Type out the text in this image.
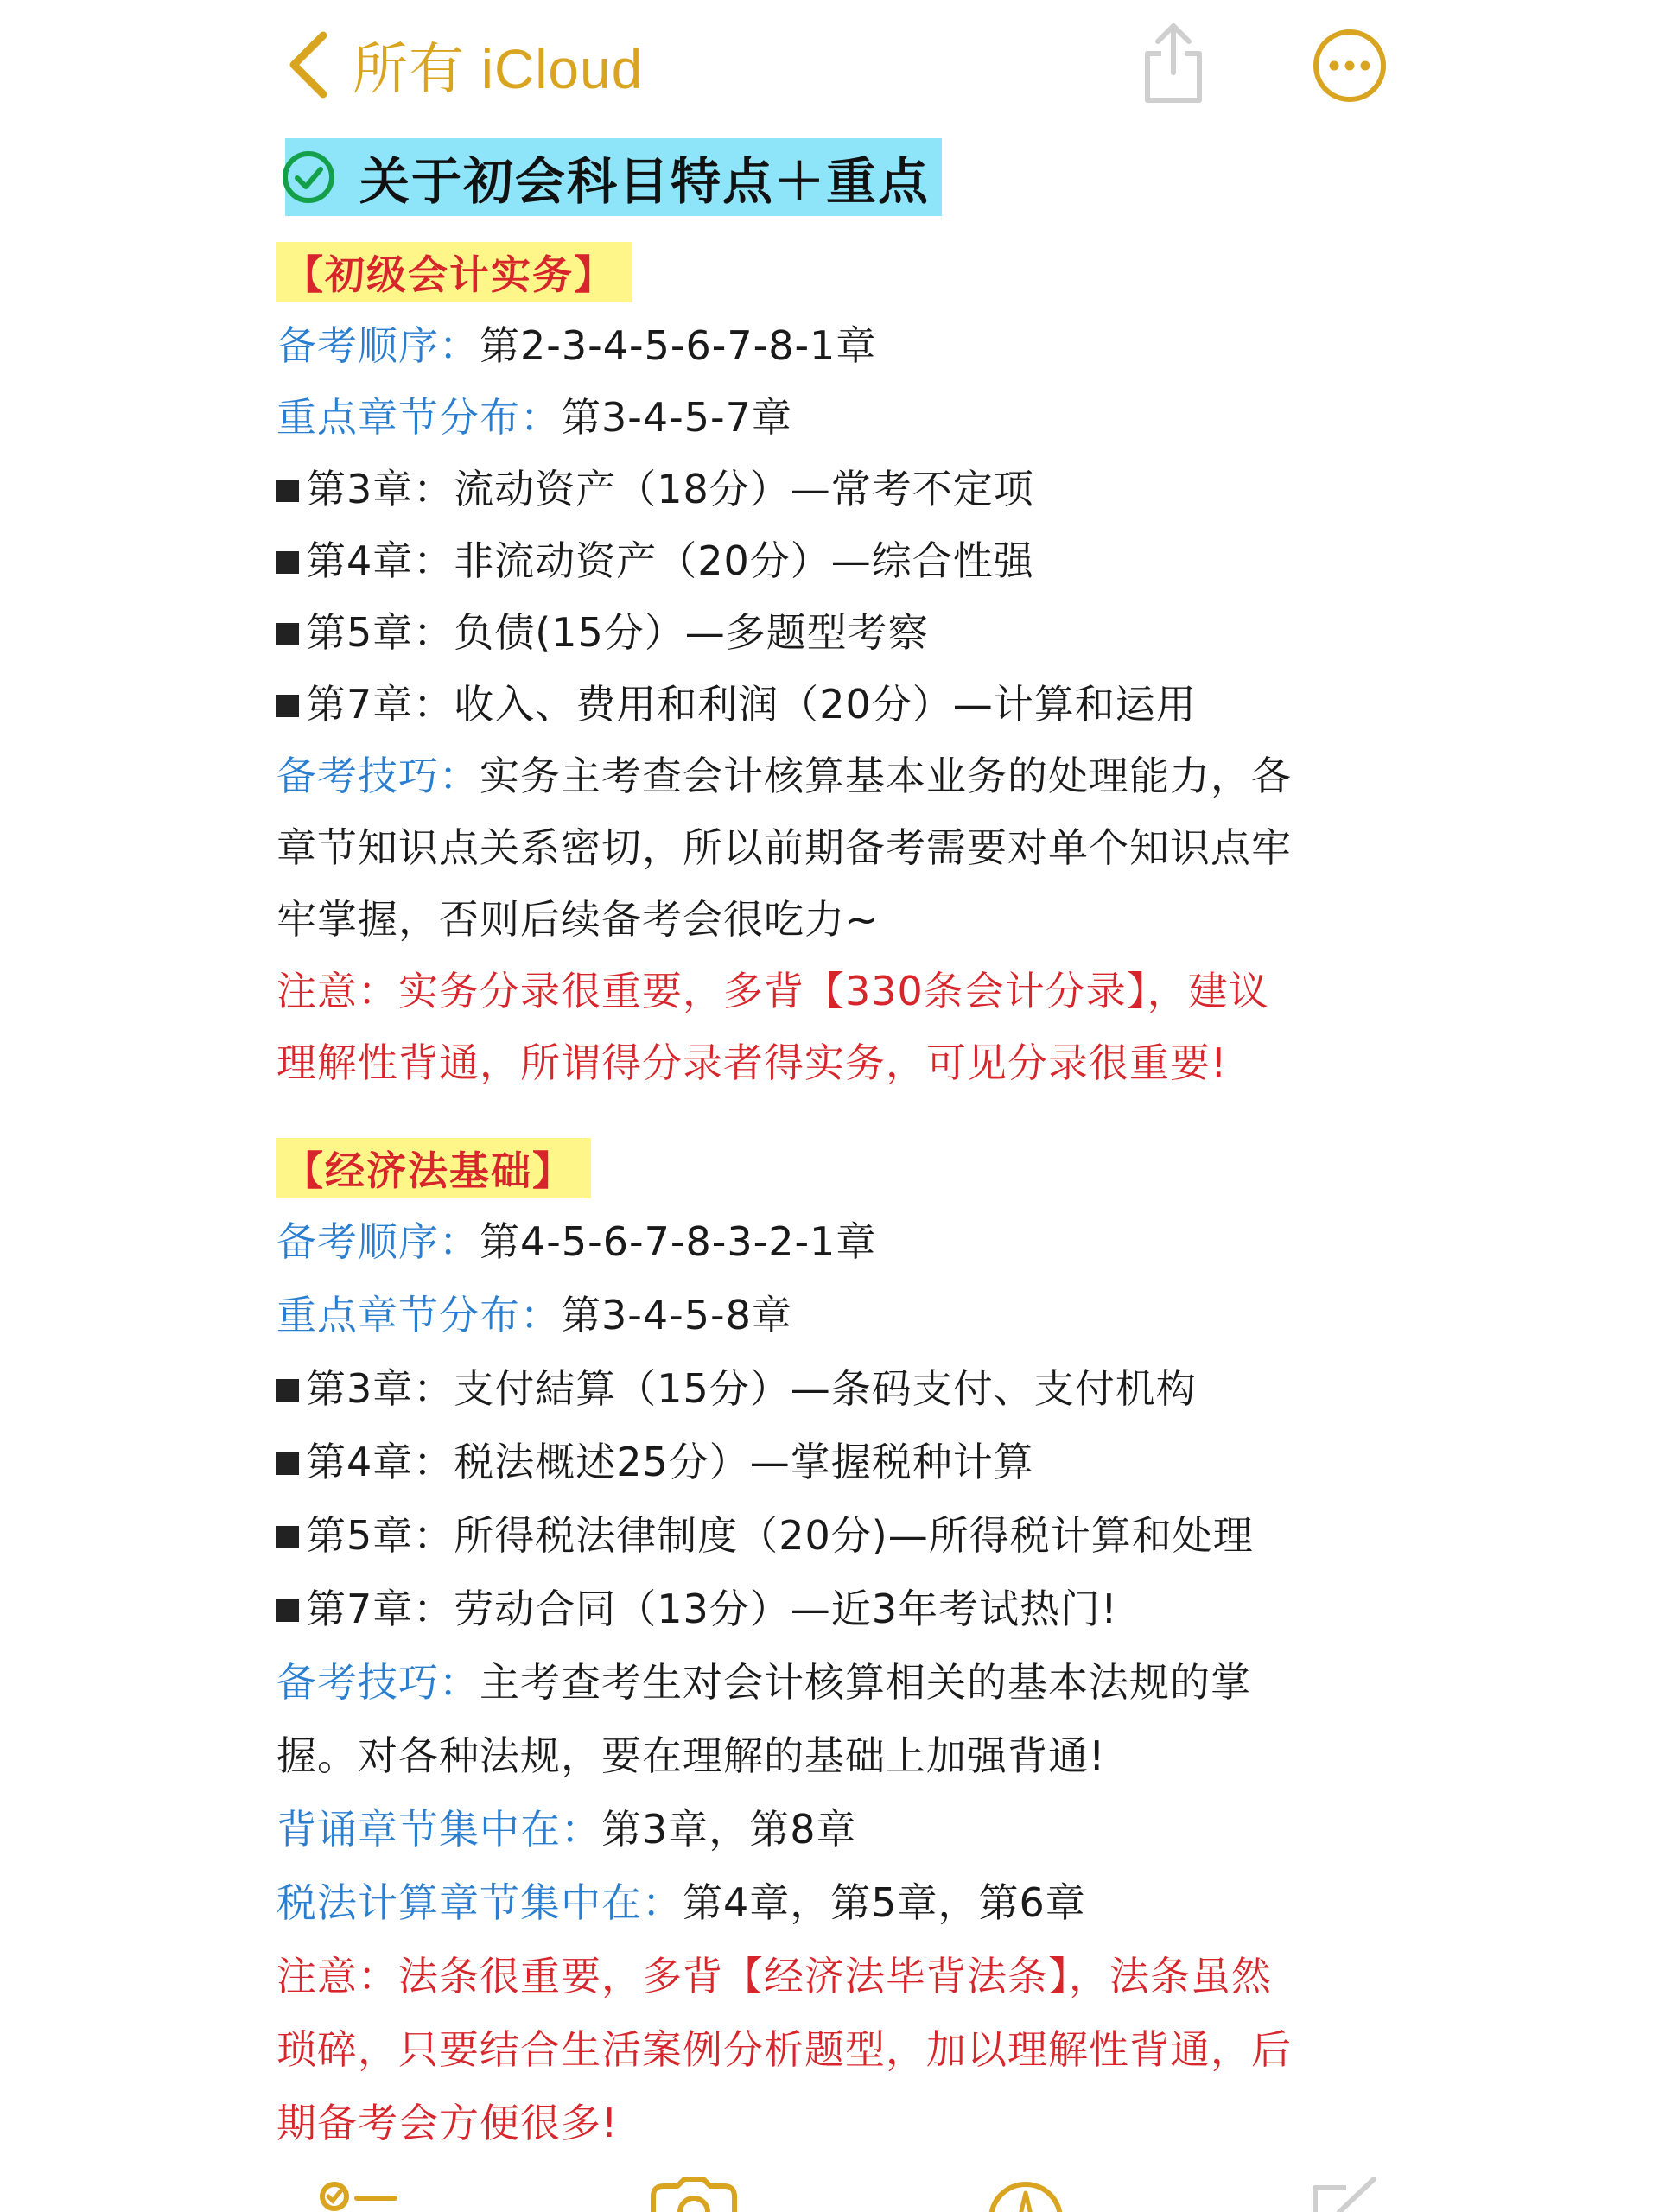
所有 iCloud
关于初会科目特点＋重点
【初级会计实务】
备考顺序：第2-3-4-5-6-7-8-1章
重点章节分布：第3-4-5-7章
第3章：流动资产（18分）—常考不定项
第4章：非流动资产（20分）—综合性强
第5章：负债(15分）—多题型考察
第7章：收入、费用和利润（20分）—计算和运用
备考技巧：实务主考查会计核算基本业务的处理能力，各
章节知识点关系密切，所以前期备考需要对单个知识点牢
牢掌握，否则后续备考会很吃力~
注意：实务分录很重要，多背【330条会计分录】，建议
理解性背通，所谓得分录者得实务，可见分录很重要!
【经济法基础】
备考顺序：第4-5-6-7-8-3-2-1章
重点章节分布：第3-4-5-8章
第3章：支付結算（15分）—条码支付、支付机构
第4章：税法概述25分）—掌握税种计算
第5章：所得税法律制度（20分)—所得税计算和处理
第7章：劳动合同（13分）—近3年考试热门!
备考技巧：主考查考生对会计核算相关的基本法规的掌
握。对各种法规，要在理解的基础上加强背通!
背诵章节集中在：第3章，第8章
税法计算章节集中在：第4章，第5章，第6章
注意：法条很重要，多背【经济法毕背法条】，法条虽然
琐碎，只要结合生活案例分析题型，加以理解性背通，后
期备考会方便很多!
